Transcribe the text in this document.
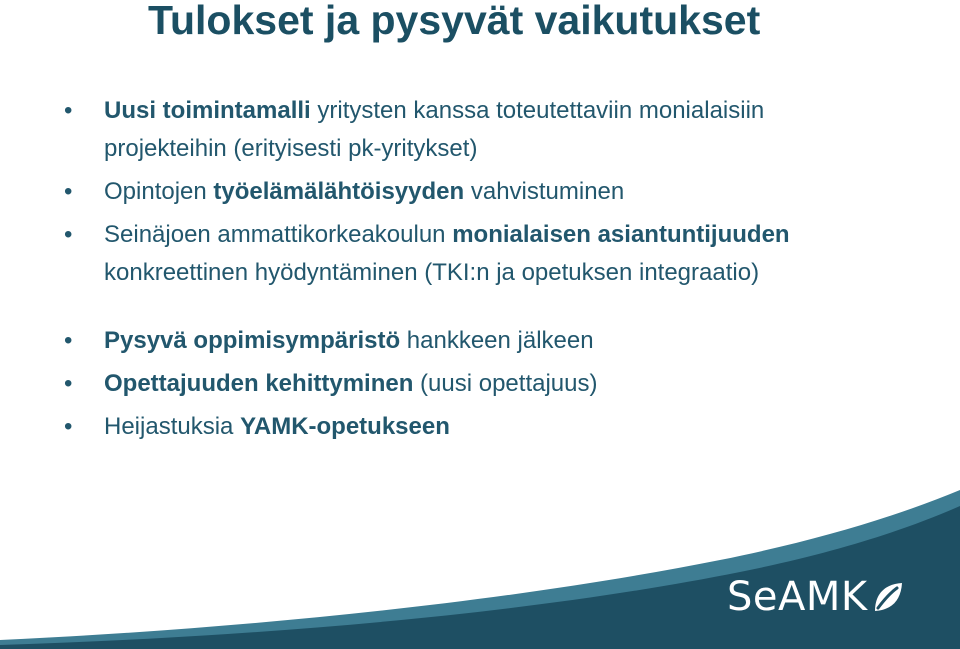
Tulokset ja pysyvät vaikutukset
• Uusi toimintamalli yritysten kanssa toteutettaviin monialaisiin projekteihin (erityisesti pk-yritykset)
• Opintojen työelämälähtöisyyden vahvistuminen
• Seinäjoen ammattikorkeakoulun monialaisen asiantuntijuuden konkreettinen hyödyntäminen (TKI:n ja opetuksen integraatio)
• Pysyvä oppimisympäristö hankkeen jälkeen
• Opettajuuden kehittyminen (uusi opettajuus)
• Heijastuksia YAMK-opetukseen
SeAMK
